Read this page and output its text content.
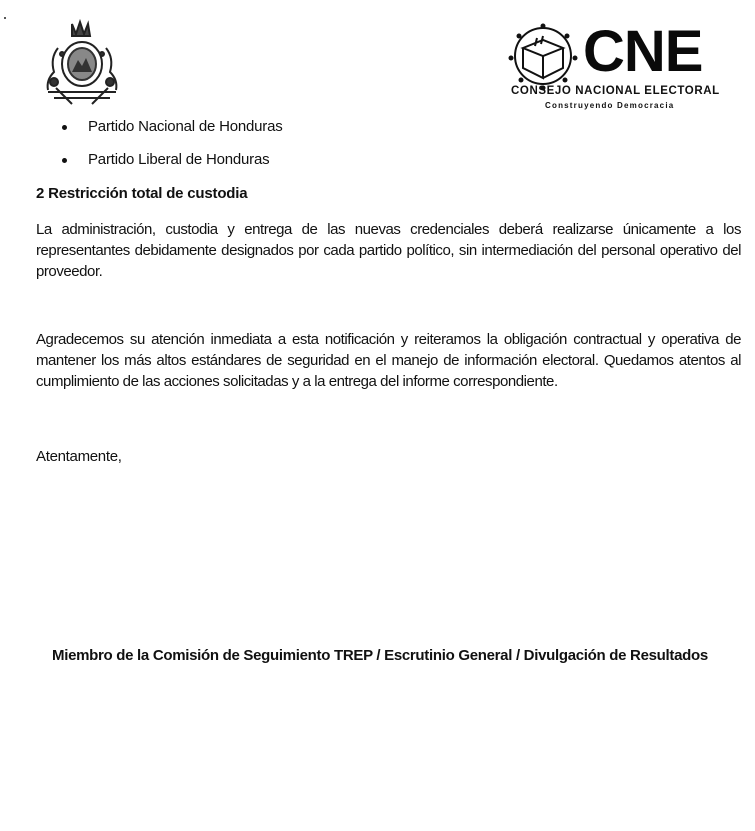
CNE
CONSEJO NACIONAL ELECTORAL
Construyendo Democracia
Partido Nacional de Honduras
Partido Liberal de Honduras
2 Restricción total de custodia

La administración, custodia y entrega de las nuevas credenciales deberá realizarse únicamente a los representantes debidamente designados por cada partido político, sin intermediación del personal operativo del proveedor.

Agradecemos su atención inmediata a esta notificación y reiteramos la obligación contractual y operativa de mantener los más altos estándares de seguridad en el manejo de información electoral. Quedamos atentos al cumplimiento de las acciones solicitadas y a la entrega del informe correspondiente.

Atentamente,
Miembro de la Comisión de Seguimiento TREP / Escrutinio General / Divulgación de Resultados
